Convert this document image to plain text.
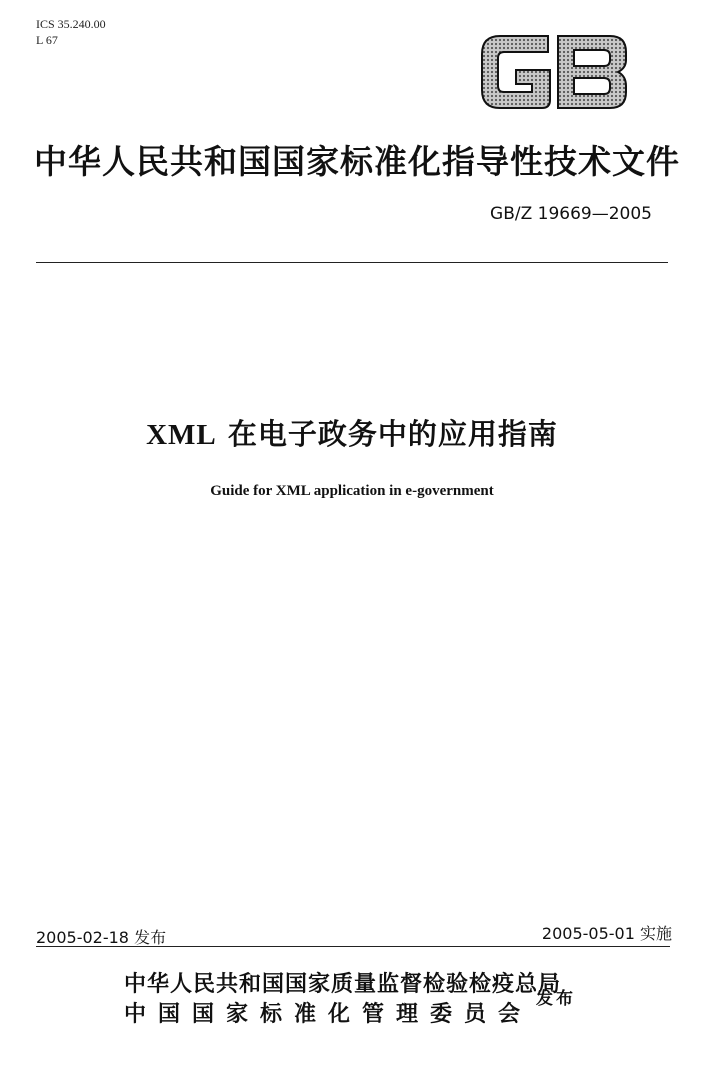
ICS 35.240.00
L 67
GB
中华人民共和国国家标准化指导性技术文件
GB/Z 19669—2005
XML 在电子政务中的应用指南
Guide for XML application in e-government
2005-02-18 发布	2005-05-01 实施
中华人民共和国国家质量监督检验检疫总局
中国国家标准化管理委员会
发布
